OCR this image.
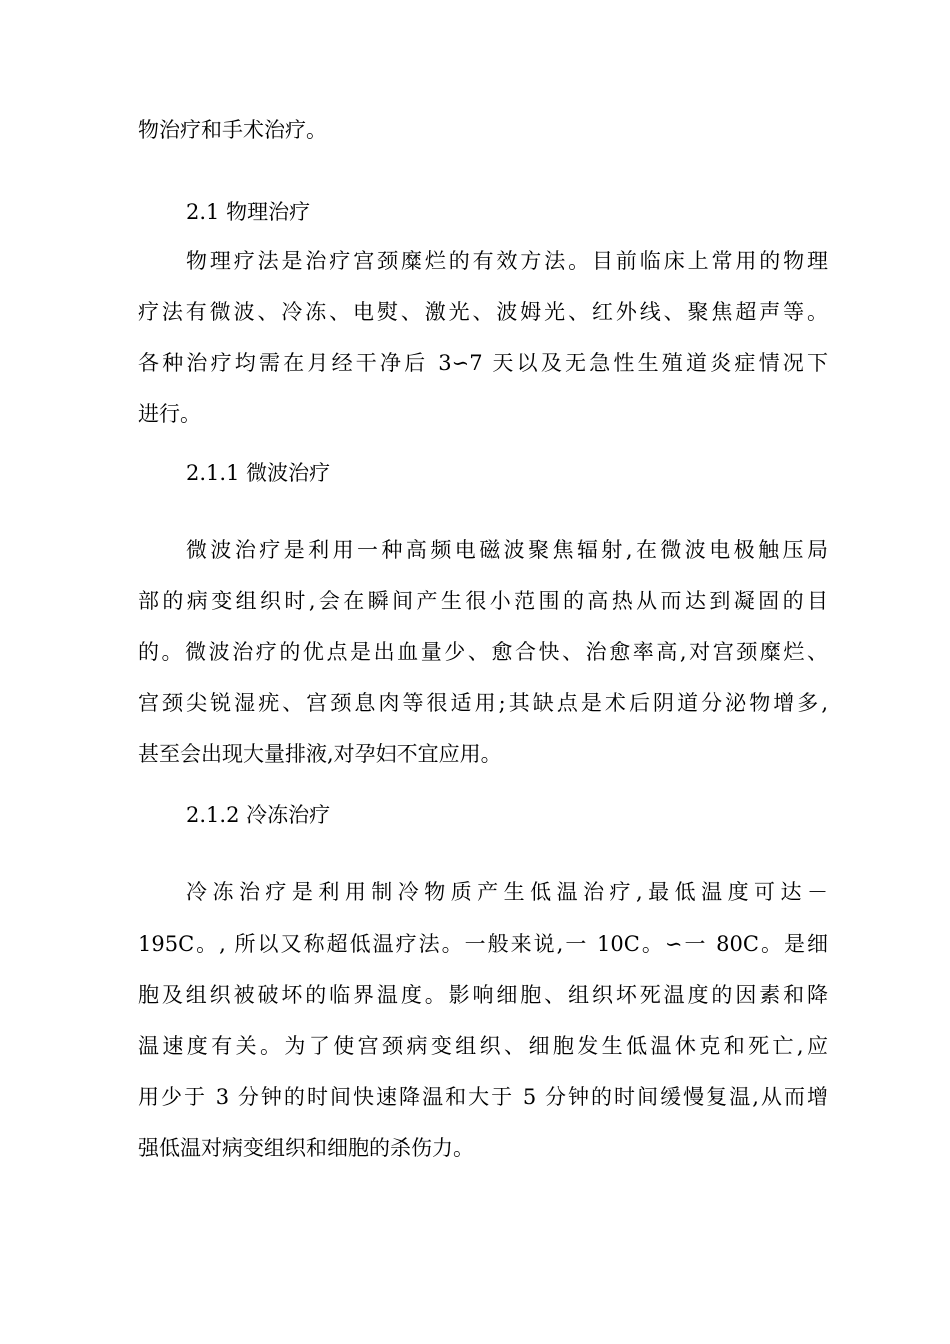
物治疗和手术治疗。
2.1 物理治疗
物理疗法是治疗宫颈糜烂的有效方法。目前临床上常用的物理
疗法有微波、冷冻、电熨、激光、波姆光、红外线、聚焦超声等。
各种治疗均需在月经干净后 3∽7 天以及无急性生殖道炎症情况下
进行。
2.1.1 微波治疗
微波治疗是利用一种高频电磁波聚焦辐射,在微波电极触压局
部的病变组织时,会在瞬间产生很小范围的高热从而达到凝固的目
的。微波治疗的优点是出血量少、愈合快、治愈率高,对宫颈糜烂、
宫颈尖锐湿疣、宫颈息肉等很适用;其缺点是术后阴道分泌物增多,
甚至会出现大量排液,对孕妇不宜应用。
2.1.2 冷冻治疗
冷冻治疗是利用制冷物质产生低温治疗,最低温度可达－
195C。, 所以又称超低温疗法。一般来说,一 10C。∽一 80C。是细
胞及组织被破坏的临界温度。影响细胞、组织坏死温度的因素和降
温速度有关。为了使宫颈病变组织、细胞发生低温休克和死亡,应
用少于 3 分钟的时间快速降温和大于 5 分钟的时间缓慢复温,从而增
强低温对病变组织和细胞的杀伤力。
